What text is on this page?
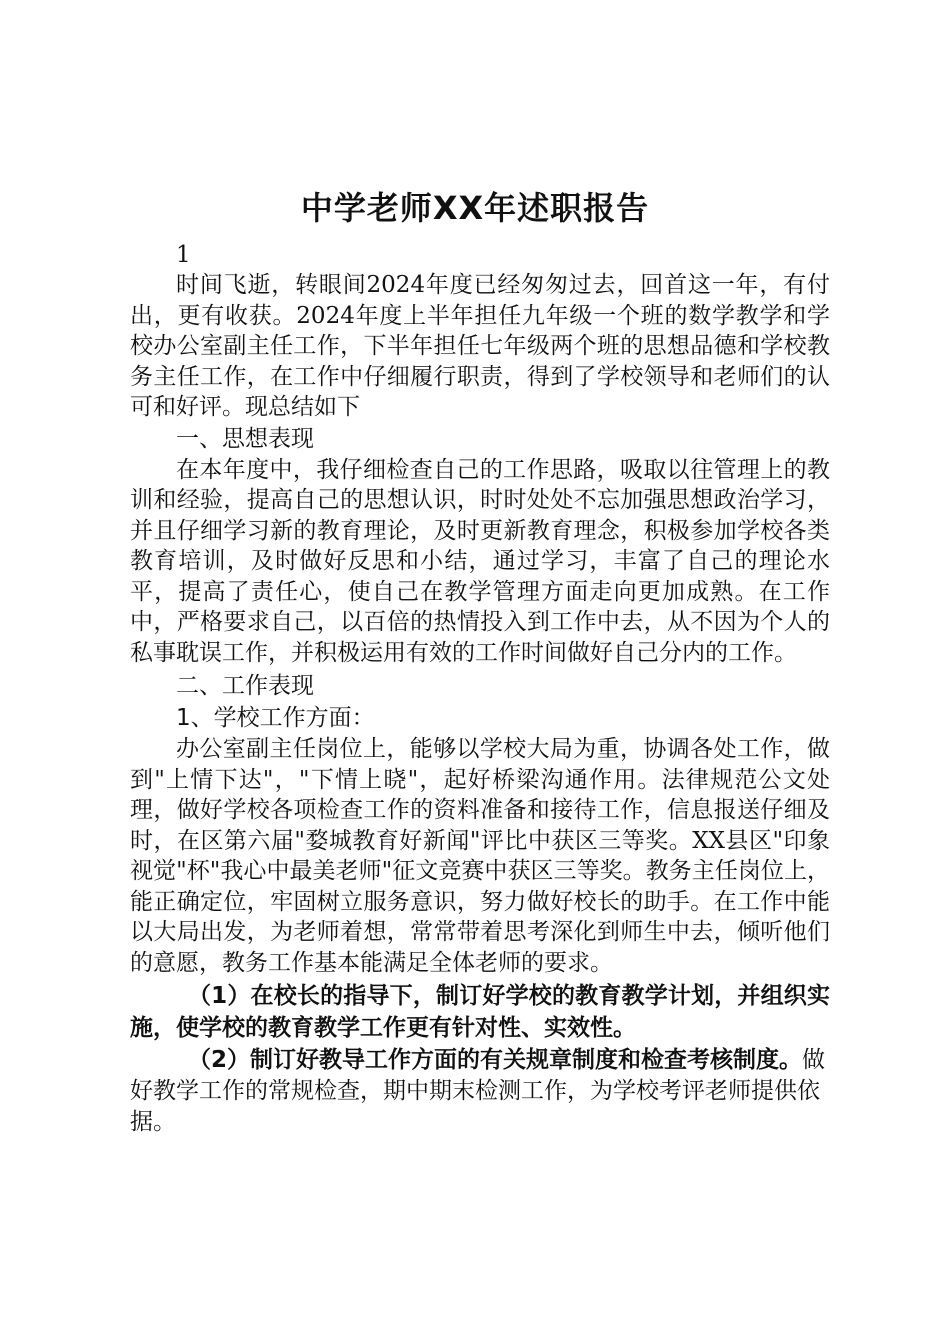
中学老师XX年述职报告

1

时间飞逝，转眼间2024年度已经匆匆过去，回首这一年，有付出，更有收获。2024年度上半年担任九年级一个班的数学教学和学校办公室副主任工作，下半年担任七年级两个班的思想品德和学校教务主任工作，在工作中仔细履行职责，得到了学校领导和老师们的认可和好评。现总结如下

一、思想表现

在本年度中，我仔细检查自己的工作思路，吸取以往管理上的教训和经验，提高自己的思想认识，时时处处不忘加强思想政治学习，并且仔细学习新的教育理论，及时更新教育理念，积极参加学校各类教育培训，及时做好反思和小结，通过学习，丰富了自己的理论水平，提高了责任心，使自己在教学管理方面走向更加成熟。在工作中，严格要求自己，以百倍的热情投入到工作中去，从不因为个人的私事耽误工作，并积极运用有效的工作时间做好自己分内的工作。

二、工作表现

1、学校工作方面：

办公室副主任岗位上，能够以学校大局为重，协调各处工作，做到"上情下达"，"下情上晓"，起好桥梁沟通作用。法律规范公文处理，做好学校各项检查工作的资料准备和接待工作，信息报送仔细及时，在区第六届"婺城教育好新闻"评比中获区三等奖。XX县区"印象视觉"杯"我心中最美老师"征文竞赛中获区三等奖。教务主任岗位上，能正确定位，牢固树立服务意识，努力做好校长的助手。在工作中能以大局出发，为老师着想，常常带着思考深化到师生中去，倾听他们的意愿，教务工作基本能满足全体老师的要求。

（1）在校长的指导下，制订好学校的教育教学计划，并组织实施，使学校的教育教学工作更有针对性、实效性。

（2）制订好教导工作方面的有关规章制度和检查考核制度。做好教学工作的常规检查，期中期末检测工作，为学校考评老师提供依据。
